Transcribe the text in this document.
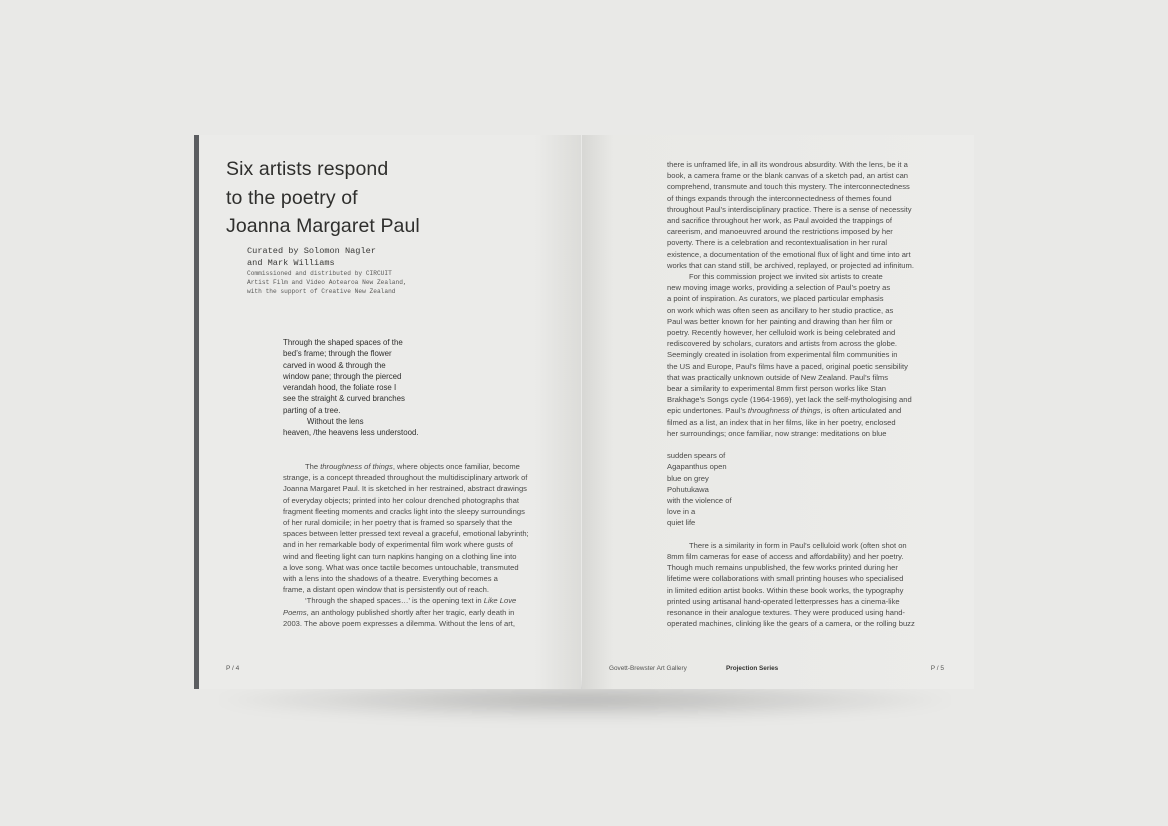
Six artists respond
to the poetry of
Joanna Margaret Paul
Curated by Solomon Nagler
and Mark Williams
Commissioned and distributed by CIRCUIT
Artist Film and Video Aotearoa New Zealand,
with the support of Creative New Zealand
Through the shaped spaces of the
bed’s frame; through the flower
carved in wood & through the
window pane; through the pierced
verandah hood, the foliate rose I
see the straight & curved branches
parting of a tree.
Without the lens
heaven, /the heavens less understood.
The throughness of things, where objects once familiar, become
strange, is a concept threaded throughout the multidisciplinary artwork of
Joanna Margaret Paul. It is sketched in her restrained, abstract drawings
of everyday objects; printed into her colour drenched photographs that
fragment fleeting moments and cracks light into the sleepy surroundings
of her rural domicile; in her poetry that is framed so sparsely that the
spaces between letter pressed text reveal a graceful, emotional labyrinth;
and in her remarkable body of experimental film work where gusts of
wind and fleeting light can turn napkins hanging on a clothing line into
a love song. What was once tactile becomes untouchable, transmuted
with a lens into the shadows of a theatre. Everything becomes a
frame, a distant open window that is persistently out of reach.
‘Through the shaped spaces…’ is the opening text in Like Love
Poems, an anthology published shortly after her tragic, early death in
2003. The above poem expresses a dilemma. Without the lens of art,
P / 4
there is unframed life, in all its wondrous absurdity. With the lens, be it a
book, a camera frame or the blank canvas of a sketch pad, an artist can
comprehend, transmute and touch this mystery. The interconnectedness
of things expands through the interconnectedness of themes found
throughout Paul’s interdisciplinary practice. There is a sense of necessity
and sacrifice throughout her work, as Paul avoided the trappings of
careerism, and manoeuvred around the restrictions imposed by her
poverty. There is a celebration and recontextualisation in her rural
existence, a documentation of the emotional flux of light and time into art
works that can stand still, be archived, replayed, or projected ad infinitum.
For this commission project we invited six artists to create
new moving image works, providing a selection of Paul’s poetry as
a point of inspiration. As curators, we placed particular emphasis
on work which was often seen as ancillary to her studio practice, as
Paul was better known for her painting and drawing than her film or
poetry. Recently however, her celluloid work is being celebrated and
rediscovered by scholars, curators and artists from across the globe.
Seemingly created in isolation from experimental film communities in
the US and Europe, Paul’s films have a paced, original poetic sensibility
that was practically unknown outside of New Zealand. Paul’s films
bear a similarity to experimental 8mm first person works like Stan
Brakhage’s Songs cycle (1964-1969), yet lack the self-mythologising and
epic undertones. Paul’s throughness of things, is often articulated and
filmed as a list, an index that in her films, like in her poetry, enclosed
her surroundings; once familiar, now strange: meditations on blue
sudden spears of
Agapanthus open
blue on grey
Pohutukawa
with the violence of
love in a
quiet life
There is a similarity in form in Paul’s celluloid work (often shot on
8mm film cameras for ease of access and affordability) and her poetry.
Though much remains unpublished, the few works printed during her
lifetime were collaborations with small printing houses who specialised
in limited edition artist books. Within these book works, the typography
printed using artisanal hand-operated letterpresses has a cinema-like
resonance in their analogue textures. They were produced using hand-
operated machines, clinking like the gears of a camera, or the rolling buzz
Govett-Brewster Art Gallery	Projection Series	P / 5
